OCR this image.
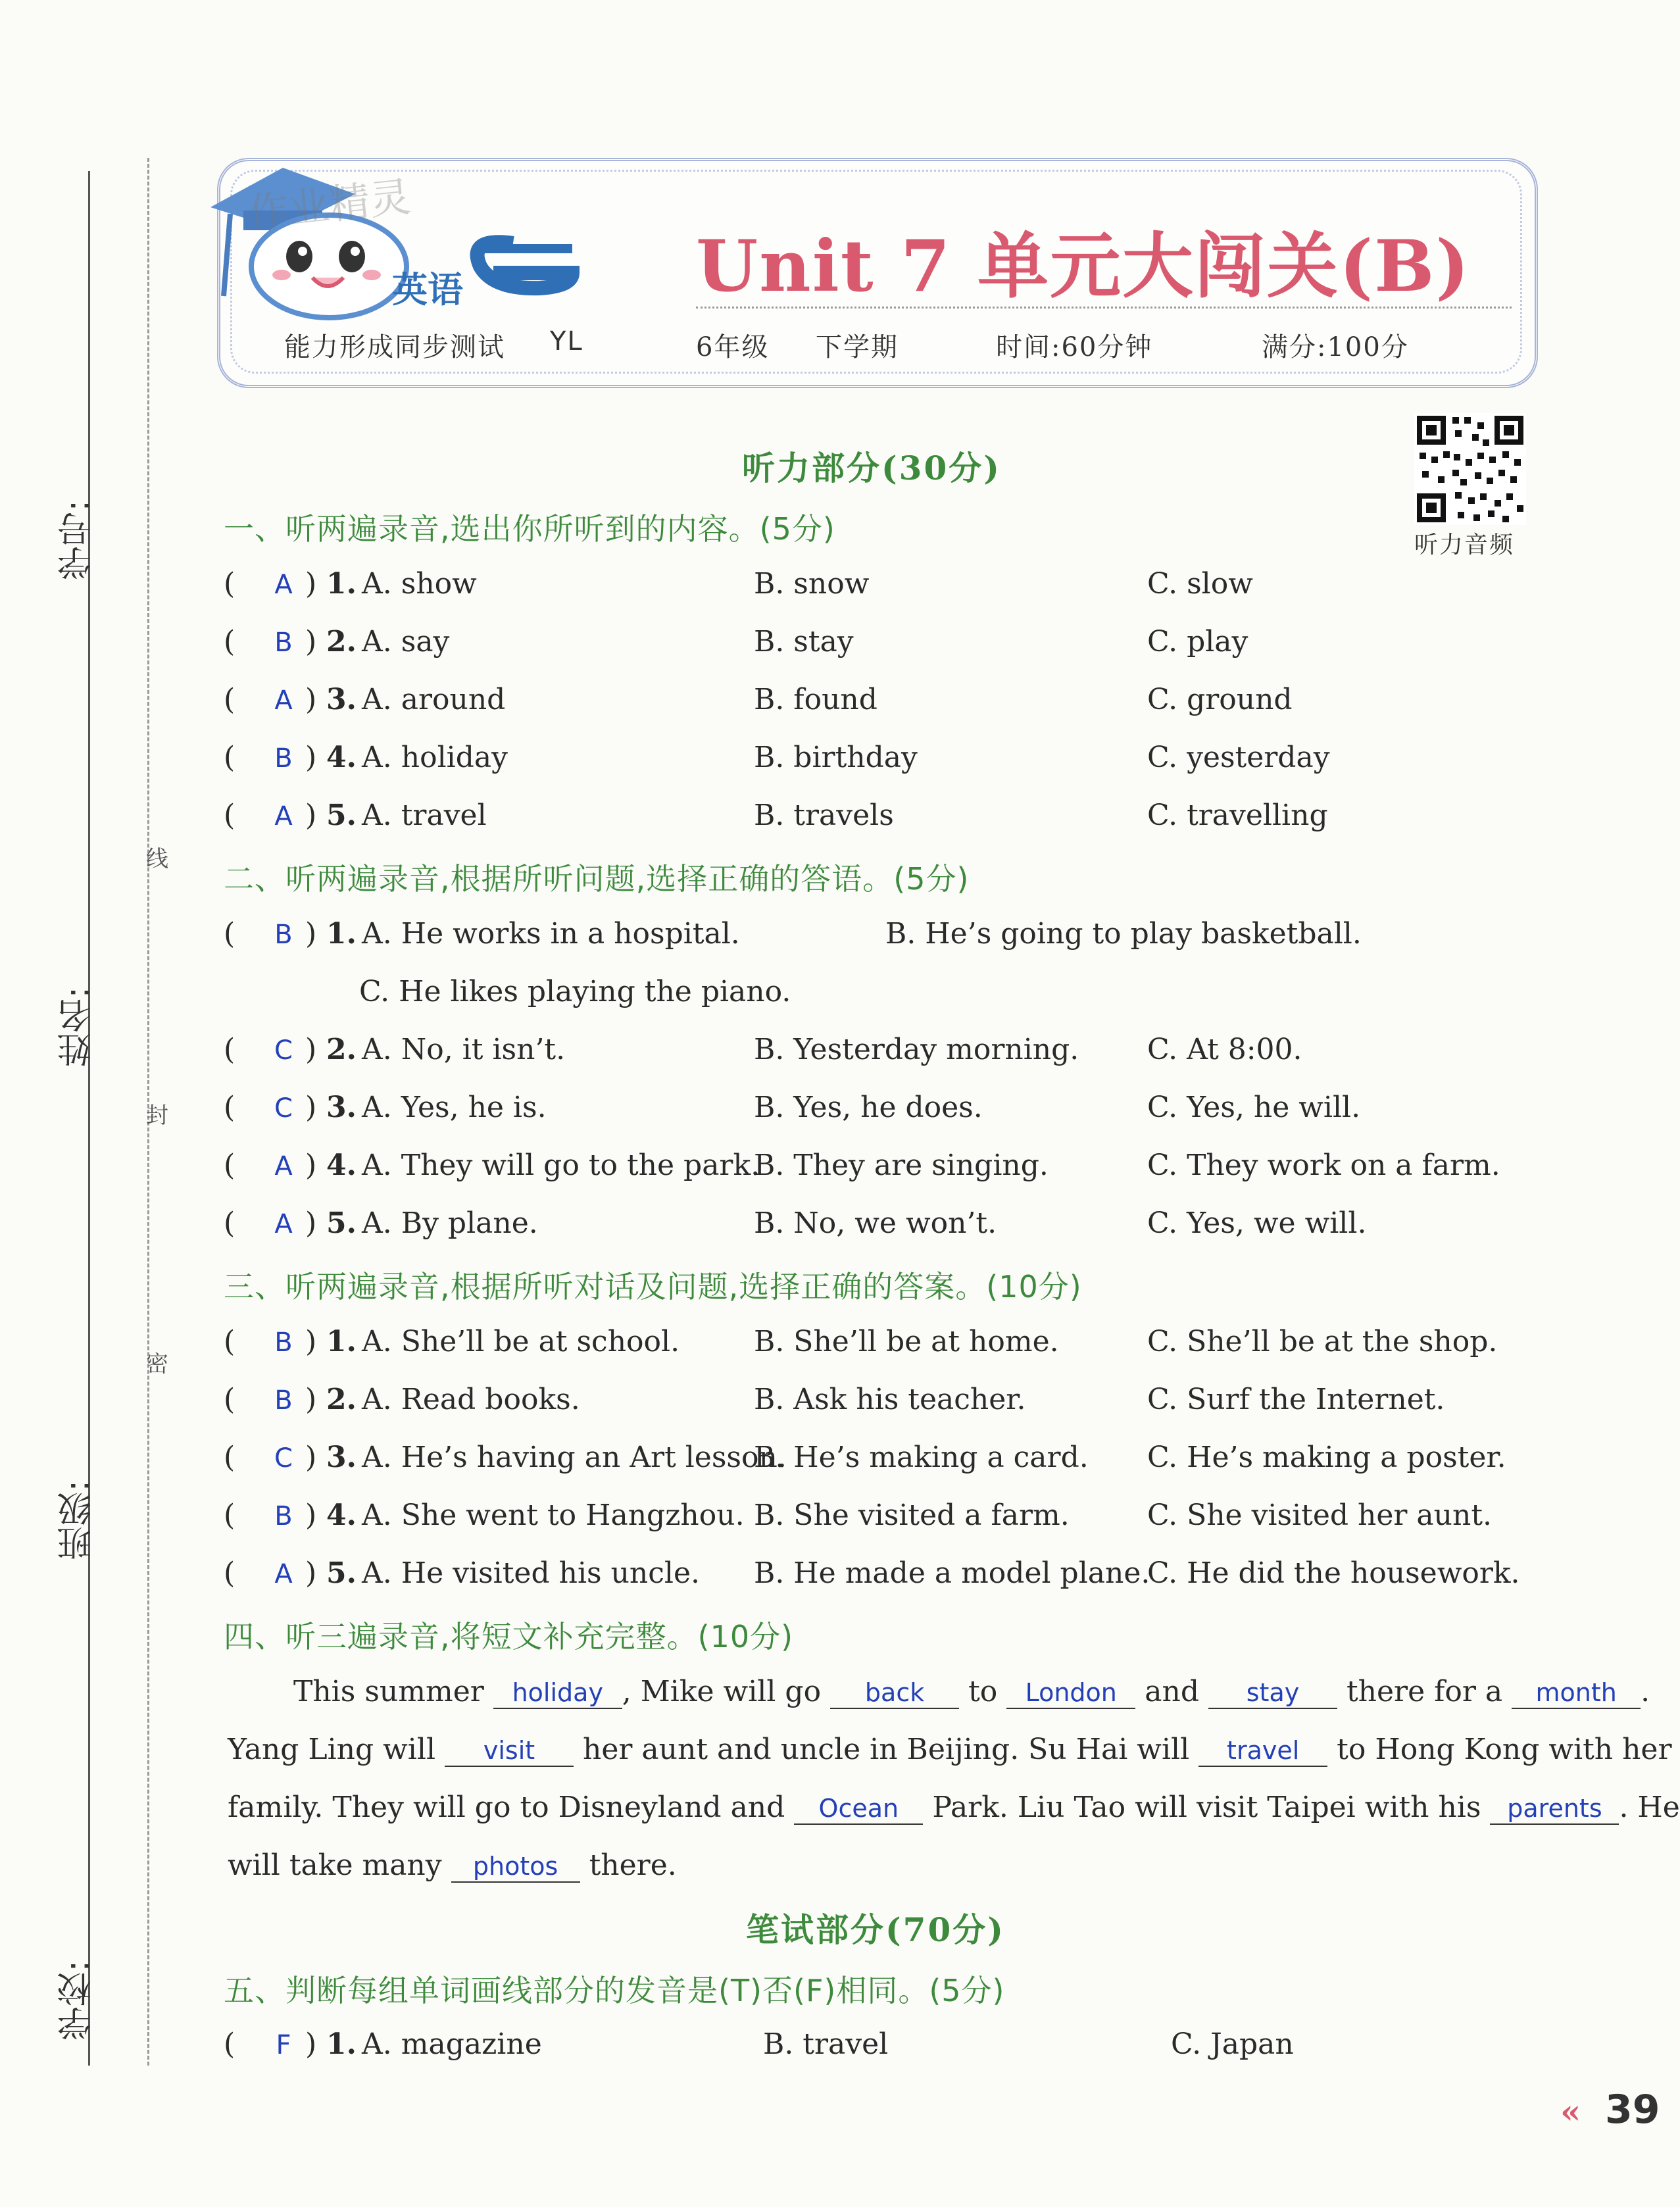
学号:
姓名:
班级:
学校:
线
封
密
作业精灵
英语	Unit 7 单元大闯关(B)
能力形成同步测试 YL	6年级 下学期	时间:60分钟	满分:100分
听力音频
听力部分(30分)
一、听两遍录音,选出你所听到的内容。(5分)
( A ) 1. A. show	B. snow	C. slow
( B ) 2. A. say	B. stay	C. play
( A ) 3. A. around	B. found	C. ground
( B ) 4. A. holiday	B. birthday	C. yesterday
( A ) 5. A. travel	B. travels	C. travelling
二、听两遍录音,根据所听问题,选择正确的答语。(5分)
( B ) 1. A. He works in a hospital.	B. He’s going to play basketball.
C. He likes playing the piano.
( C ) 2. A. No, it isn’t.	B. Yesterday morning. C. At 8:00.
( C ) 3. A. Yes, he is.	B. Yes, he does.	C. Yes, he will.
( A ) 4. A. They will go to the park.
B. They are singing.	C. They work on a farm.
( A ) 5. A. By plane.	B. No, we won’t.	C. Yes, we will.
三、听两遍录音,根据所听对话及问题,选择正确的答案。(10分)
( B ) 1. A. She’ll be at school.	B. She’ll be at home.	C. She’ll be at the shop.
( B ) 2. A. Read books.	B. Ask his teacher.	C. Surf the Internet.
( C ) 3. A. He’s having an Art lesson.
B. He’s making a card. C. He’s making a poster.
( B ) 4. A. She went to Hangzhou. B. She visited a farm.	C. She visited her aunt.
( A ) 5. A. He visited his uncle. B. He made a model plane.
C. He did the housework.
四、听三遍录音,将短文补充完整。(10分)
This summer holiday , Mike will go back to London and stay there for a month .
Yang Ling will visit her aunt and uncle in Beijing. Su Hai will travel to Hong Kong with her
family. They will go to Disneyland and Ocean Park. Liu Tao will visit Taipei with his parents . He
will take many photos there.
笔试部分(70分)
五、判断每组单词画线部分的发音是(T)否(F)相同。(5分)
(	F ) 1. A. magazine	B. travel	C. Japan
« 39
